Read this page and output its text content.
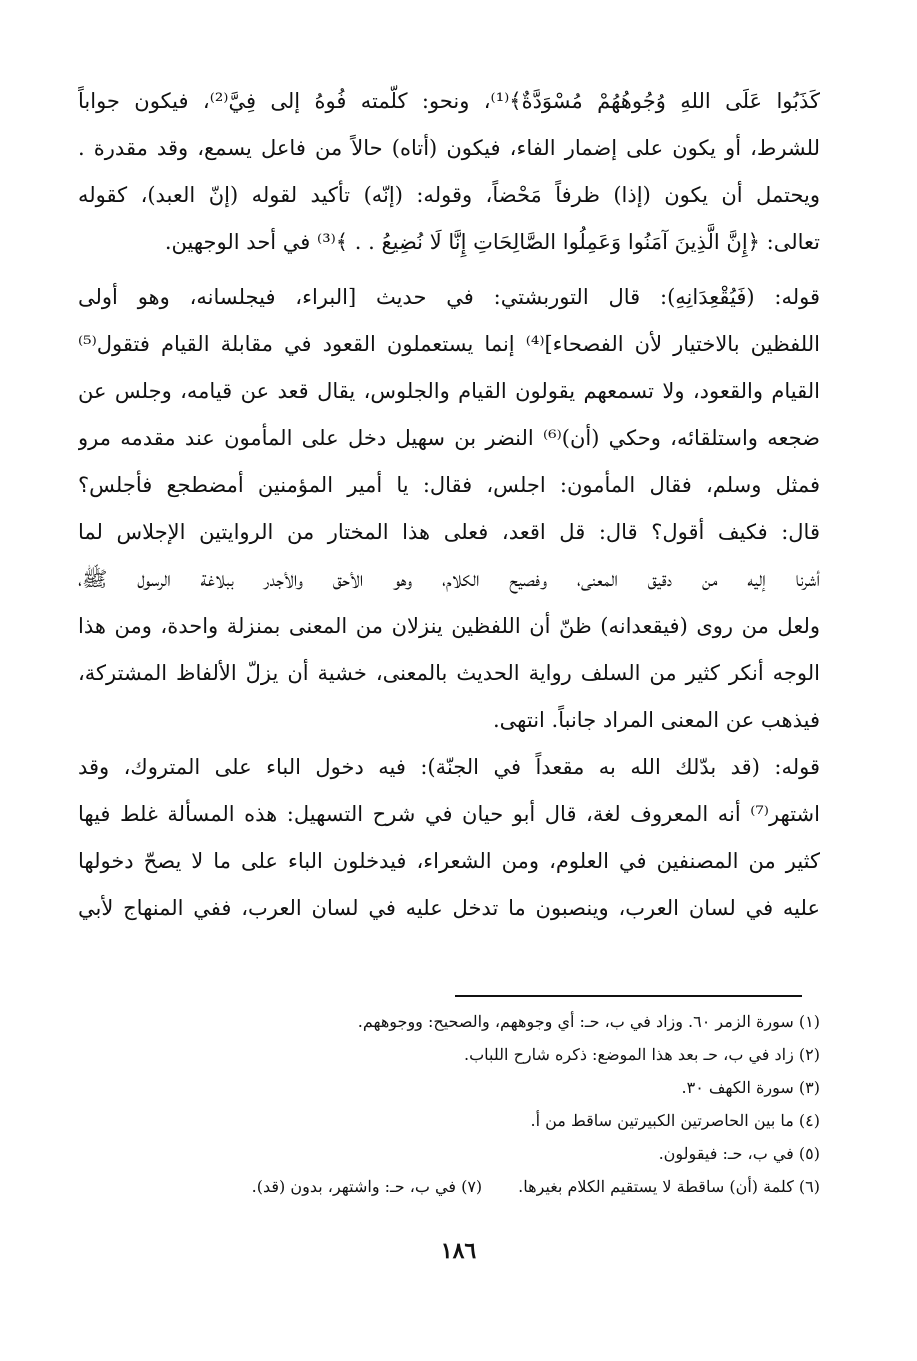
كَذَبُوا عَلَى اللهِ وُجُوهُهُمْ مُسْوَدَّةٌ﴾⁽¹⁾، ونحو: كلّمته فُوهُ إلى فِيَّ⁽²⁾، فيكون جواباً
للشرط، أو يكون على إضمار الفاء، فيكون (أتاه) حالاً من فاعل يسمع، وقد مقدرة .
ويحتمل أن يكون (إذا) ظرفاً مَحْضاً، وقوله: (إنّه) تأكيد لقوله (إنّ العبد)، كقوله
تعالى: ﴿إِنَّ الَّذِينَ آمَنُوا وَعَمِلُوا الصَّالِحَاتِ إِنَّا لَا نُضِيعُ . . ﴾⁽³⁾ في أحد الوجهين.
قوله: (فَيُقْعِدَانِهِ): قال التوربشتي: في حديث [البراء، فيجلسانه، وهو أولى
اللفظين بالاختيار لأن الفصحاء]⁽⁴⁾ إنما يستعملون القعود في مقابلة القيام فتقول⁽⁵⁾
القيام والقعود، ولا تسمعهم يقولون القيام والجلوس، يقال قعد عن قيامه، وجلس عن
ضجعه واستلقائه، وحكي (أن)⁽⁶⁾ النضر بن سهيل دخل على المأمون عند مقدمه مرو
فمثل وسلم، فقال المأمون: اجلس، فقال: يا أمير المؤمنين أمضطجع فأجلس؟
قال: فكيف أقول؟ قال: قل اقعد، فعلى هذا المختار من الروايتين الإجلاس لما
أشرنا إليه من دقيق المعنى، وفصيح الكلام، وهو الأحق والأجدر ببلاغة الرسول ﷺ،
ولعل من روى (فيقعدانه) ظنّ أن اللفظين ينزلان من المعنى بمنزلة واحدة، ومن هذا
الوجه أنكر كثير من السلف رواية الحديث بالمعنى، خشية أن يزلّ الألفاظ المشتركة،
فيذهب عن المعنى المراد جانباً. انتهى.
قوله: (قد بدّلك الله به مقعداً في الجنّة): فيه دخول الباء على المتروك، وقد
اشتهر⁽⁷⁾ أنه المعروف لغة، قال أبو حيان في شرح التسهيل: هذه المسألة غلط فيها
كثير من المصنفين في العلوم، ومن الشعراء، فيدخلون الباء على ما لا يصحّ دخولها
عليه في لسان العرب، وينصبون ما تدخل عليه في لسان العرب، ففي المنهاج لأبي
(١) سورة الزمر ٦٠. وزاد في ب، حـ: أي وجوههم، والصحيح: ووجوههم.
(٢) زاد في ب، حـ بعد هذا الموضع: ذكره شارح اللباب.
(٣) سورة الكهف ٣٠.
(٤) ما بين الحاصرتين الكبيرتين ساقط من أ.
(٥) في ب، حـ: فيقولون.
(٦) كلمة (أن) ساقطة لا يستقيم الكلام بغيرها.
(٧) في ب، حـ: واشتهر، بدون (قد).
١٨٦
